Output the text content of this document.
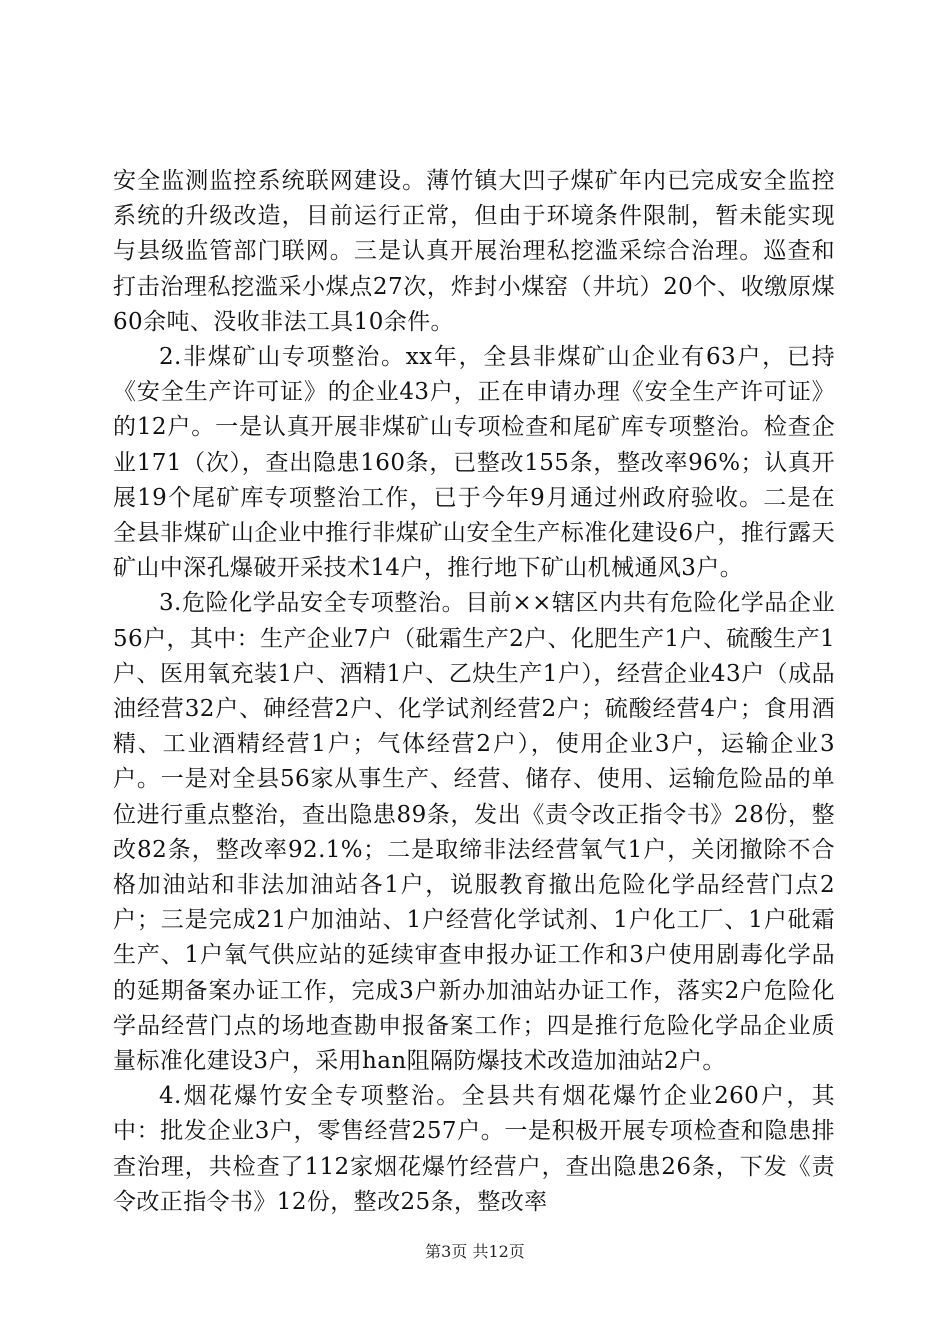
安全监测监控系统联网建设。薄竹镇大凹子煤矿年内已完成安全监控系统的升级改造，目前运行正常，但由于环境条件限制，暂未能实现与县级监管部门联网。三是认真开展治理私挖滥采综合治理。巡查和打击治理私挖滥采小煤点27次，炸封小煤窑（井坑）20个、收缴原煤60余吨、没收非法工具10余件。

2.非煤矿山专项整治。xx年，全县非煤矿山企业有63户，已持《安全生产许可证》的企业43户，正在申请办理《安全生产许可证》的12户。一是认真开展非煤矿山专项检查和尾矿库专项整治。检查企业171（次），查出隐患160条，已整改155条，整改率96%；认真开展19个尾矿库专项整治工作，已于今年9月通过州政府验收。二是在全县非煤矿山企业中推行非煤矿山安全生产标准化建设6户，推行露天矿山中深孔爆破开采技术14户，推行地下矿山机械通风3户。

3.危险化学品安全专项整治。目前××辖区内共有危险化学品企业56户，其中：生产企业7户（砒霜生产2户、化肥生产1户、硫酸生产1户、医用氧充装1户、酒精1户、乙炔生产1户），经营企业43户（成品油经营32户、砷经营2户、化学试剂经营2户；硫酸经营4户；食用酒精、工业酒精经营1户；气体经营2户），使用企业3户，运输企业3户。一是对全县56家从事生产、经营、储存、使用、运输危险品的单位进行重点整治，查出隐患89条，发出《责令改正指令书》28份，整改82条，整改率92.1%；二是取缔非法经营氧气1户，关闭撤除不合格加油站和非法加油站各1户，说服教育撤出危险化学品经营门点2户；三是完成21户加油站、1户经营化学试剂、1户化工厂、1户砒霜生产、1户氧气供应站的延续审查申报办证工作和3户使用剧毒化学品的延期备案办证工作，完成3户新办加油站办证工作，落实2户危险化学品经营门点的场地查勘申报备案工作；四是推行危险化学品企业质量标准化建设3户，采用han阻隔防爆技术改造加油站2户。

4.烟花爆竹安全专项整治。全县共有烟花爆竹企业260户，其中：批发企业3户，零售经营257户。一是积极开展专项检查和隐患排查治理，共检查了112家烟花爆竹经营户，查出隐患26条，下发《责令改正指令书》12份，整改25条，整改率

第3页 共12页
